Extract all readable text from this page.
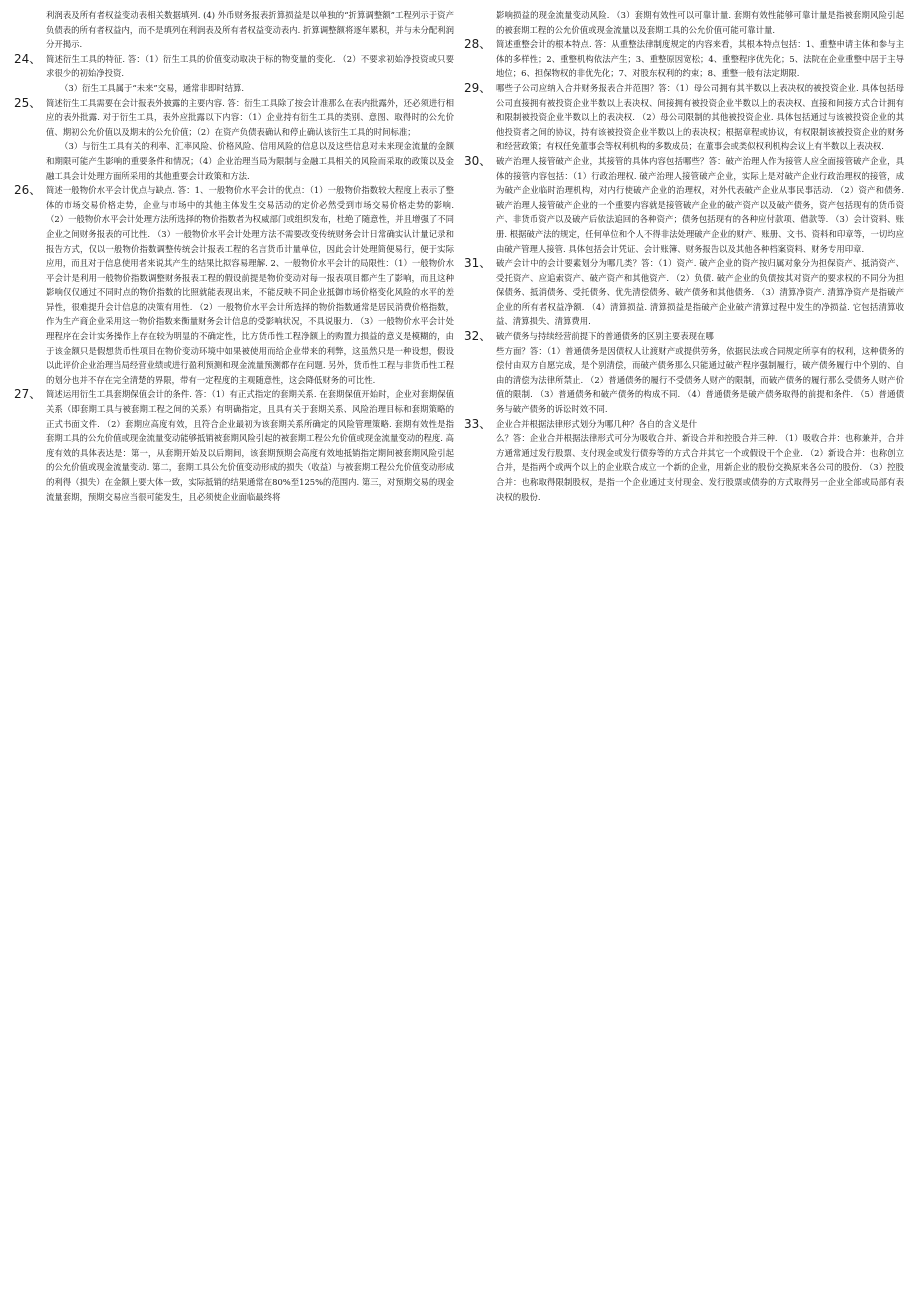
利润表及所有者权益变动表相关数据填列. (4) 外币财务报表折算损益是以单独的“折算调整额”工程列示于资产负债表的所有者权益内，而不是填列在利润表及所有者权益变动表内. 折算调整额将逐年累积，并与未分配利润分开揭示.

24、 简述衍生工具的特征. 答：（1）衍生工具的价值变动取决于标的物变量的变化. （2）不要求初始净投资或只要求很少的初始净投资.

（3）衍生工具属于“未来”交易，通常非即时结算.

25、 简述衍生工具需要在会计报表外披露的主要内容. 答：衍生工具除了按会计准那么在表内批露外，还必须进行相应的表外批露. 对于衍生工具，表外应批露以下内容：（1）企业持有衍生工具的类别、意图、取得时的公允价值、期初公允价值以及期末的公允价值；（2）在资产负债表确认和停止确认该衍生工具的时间标准；

（3）与衍生工具有关的利率、汇率风险、价格风险、信用风险的信息以及这些信息对未来现金流量的金额和期限可能产生影响的重要条件和情况；（4）企业治理当局为限制与金融工具相关的风险而采取的政策以及金融工具会计处理方面所采用的其他重要会计政策和方法.

26、 简述一般物价水平会计优点与缺点. 答：1、一般物价水平会计的优点：（1）一般物价指数较大程度上表示了整体的市场交易价格走势，企业与市场中的其他主体发生交易活动的定价必然受到市场交易价格走势的影响. （2）一般物价水平会计处理方法所选择的物价指数者为权威部门或组织发布，杜绝了随意性，并且增强了不同企业之间财务报表的可比性. （3）一般物价水平会计处理方法不需要改变传统财务会计日常确实认计量记录和报告方式，仅以一般物价指数调整传统会计报表工程的名言货币计量单位，因此会计处理简便易行，便于实际应用，而且对于信息使用者来说其产生的结果比拟容易理解. 2、一般物价水平会计的局限性：（1）一般物价水平会计是利用一般物价指数调整财务报表工程的假设前提是物价变动对每一报表项目都产生了影响，而且这种影响仅仅通过不同时点的物价指数的比照就能表现出来，不能反映不同企业抵御市场价格变化风险的水平的差异性，很难提升会计信息的决策有用性. （2）一般物价水平会计所选择的物价指数通常是居民消费价格指数，作为生产商企业采用这一物价指数来衡量财务会计信息的受影响状况，不具说服力. （3）一般物价水平会计处理程序在会计实务操作上存在较为明显的不确定性，比方货币性工程净额上的购置力损益的意义是模糊的，由于该金额只是假想货币性项目在物价变动环境中如果被使用而给企业带来的利弊，这虽然只是一种设想，假设以此评价企业治理当局经营业绩或进行盈利预测和现金流量预测都存在问题. 另外，货币性工程与非货币性工程的划分也并不存在完全清楚的界限，带有一定程度的主观随意性，这会降低财务的可比性.

27、 简述运用衍生工具套期保值会计的条件. 答：（1）有正式指定的套期关系. 在套期保值开始时，企业对套期保值关系（即套期工具与被套期工程之间的关系）有明确指定，且具有关于套期关系、风险治理目标和套期策略的正式书面文件. （2）套期应高度有效，且符合企业最初为该套期关系所确定的风险管理策略. 套期有效性是指套期工具的公允价值或现金流量变动能够抵销被套期风险引起的被套期工程公允价值或现金流量变动的程度. 高度有效的具体表达是：第一，从套期开始及以后期间，该套期预期会高度有效地抵销指定期间被套期风险引起的公允价值或现金流量变动. 第二，套期工具公允价值变动形成的损失（收益）与被套期工程公允价值变动形成的利得（损失）在金额上要大体一致，实际抵销的结果通常在80%至125%的范围内. 第三，对预期交易的现金流量套期，预期交易应当很可能发生，且必须使企业面临最终将

影响损益的现金流量变动风险. （3）套期有效性可以可靠计量. 套期有效性能够可靠计量是指被套期风险引起的被套期工程的公允价值或现金流量以及套期工具的公允价值可能可靠计量.

28、 简述重整会计的根本特点. 答：从重整法律制度规定的内容来看，其根本特点包括：1、重整申请主体和参与主体的多样性；2、重整机构依法产生；3、重整原因宽松；4、重整程序优先化；5、法院在企业重整中居于主导地位；6、担保物权的非优先化；7、对股东权利的约束；8、重整一般有法定期限.

29、 哪些子公司应纳入合并财务报表合并范围？答：（1）母公司拥有其半数以上表决权的被投资企业. 具体包括母公司直接拥有被投资企业半数以上表决权、间接拥有被投资企业半数以上的表决权、直接和间接方式合计拥有和限制被投资企业半数以上的表决权. （2）母公司限制的其他被投资企业. 具体包括通过与该被投资企业的其他投资者之间的协议，持有该被投资企业半数以上的表决权；根据章程或协议，有权限制该被投资企业的财务和经营政策；有权任免董事会等权利机构的多数成员；在董事会或类似权利机构会议上有半数以上表决权.

30、 破产治理人接管破产企业，其接管的具体内容包括哪些？答：破产治理人作为接管人应全面接管破产企业，具体的接管内容包括：（1）行政治理权. 破产治理人接管破产企业，实际上是对破产企业行政治理权的接管，成为破产企业临时治理机构，对内行使破产企业的治理权，对外代表破产企业从事民事活动. （2）资产和债务. 破产治理人接管破产企业的一个重要内容就是接管破产企业的破产资产以及破产债务，资产包括现有的货币资产、非货币资产以及破产后依法追回的各种资产；债务包括现有的各种应付款项、借款等. （3）会计资料、账册. 根据破产法的规定，任何单位和个人不得非法处理破产企业的财产、账册、文书、资料和印章等，一切均应由破产管理人接管. 具体包括会计凭证、会计账簿、财务报告以及其他各种档案资料、财务专用印章.

31、 破产会计中的会计要素划分为哪几类？答：（1）资产. 破产企业的资产按归属对象分为担保资产、抵消资产、受托资产、应追索资产、破产资产和其他资产. （2）负债. 破产企业的负债按其对资产的要求权的不同分为担保债务、抵消债务、受托债务、优先清偿债务、破产债务和其他债务. （3）清算净资产. 清算净资产是指破产企业的所有者权益净额. （4）清算损益. 清算损益是指破产企业破产清算过程中发生的净损益. 它包括清算收益、清算损失、清算费用.

32、 破产债务与持续经营前提下的普通债务的区别主要表现在哪

些方面？答：（1）普通债务是因债权人让渡财产或提供劳务，依据民法或合同规定所享有的权利，这种债务的偿付由双方自愿完成，是个别清偿，而破产债务那么只能通过破产程序强制履行，破产债务履行中个别的、自由的清偿为法律所禁止. （2）普通债务的履行不受债务人财产的限制，而破产债务的履行那么受债务人财产价值的限制. （3）普通债务和破产债务的构成不同. （4）普通债务是破产债务取得的前提和条件. （5）普通债务与破产债务的诉讼时效不同.

33、 企业合并根据法律形式划分为哪几种？各自的含义是什

么？答：企业合并根据法律形式可分为吸收合并、新设合并和控股合并三种. （1）吸收合并：也称兼并，合并方通常通过发行股票、支付现金或发行债券等的方式合并其它一个或假设干个企业. （2）新设合并：也称创立合并，是指两个或两个以上的企业联合成立一个新的企业，用新企业的股份交换原来各公司的股份. （3）控股合并：也称取得限制股权，是指一个企业通过支付现金、发行股票或债券的方式取得另一企业全部或局部有表决权的股份.
